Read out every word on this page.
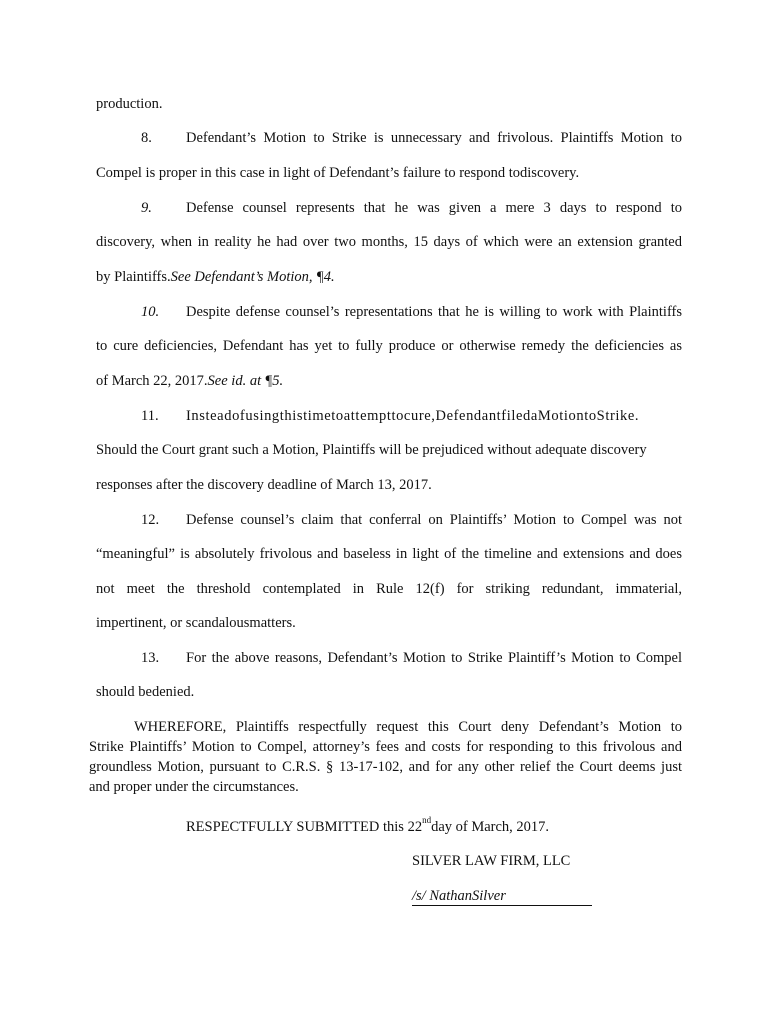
production.
8. Defendant’s Motion to Strike is unnecessary and frivolous. Plaintiffs Motion to
Compel is proper in this case in light of Defendant’s failure to respond todiscovery.
9. Defense counsel represents that he was given a mere 3 days to respond to
discovery, when in reality he had over two months, 15 days of which were an extension granted
by Plaintiffs.See Defendant’s Motion, ¶4.
10. Despite defense counsel’s representations that he is willing to work with Plaintiffs
to cure deficiencies, Defendant has yet to fully produce or otherwise remedy the deficiencies as
of March 22, 2017.See id. at ¶5.
11. Insteadofusingthistimetoattempttocure,DefendantfiledaMotiontoStrike.
Should the Court grant such a Motion, Plaintiffs will be prejudiced without adequate discovery
responses after the discovery deadline of March 13, 2017.
12. Defense counsel’s claim that conferral on Plaintiffs’ Motion to Compel was not
“meaningful” is absolutely frivolous and baseless in light of the timeline and extensions and does
not meet the threshold contemplated in Rule 12(f) for striking redundant, immaterial,
impertinent, or scandalousmatters.
13. For the above reasons, Defendant’s Motion to Strike Plaintiff’s Motion to Compel
should bedenied.
WHEREFORE, Plaintiffs respectfully request this Court deny Defendant’s Motion to
Strike Plaintiffs’ Motion to Compel, attorney’s fees and costs for responding to this frivolous and
groundless Motion, pursuant to C.R.S. § 13-17-102, and for any other relief the Court deems just
and proper under the circumstances.
RESPECTFULLY SUBMITTED this 22ndday of March, 2017.
SILVER LAW FIRM, LLC
/s/ NathanSilver
